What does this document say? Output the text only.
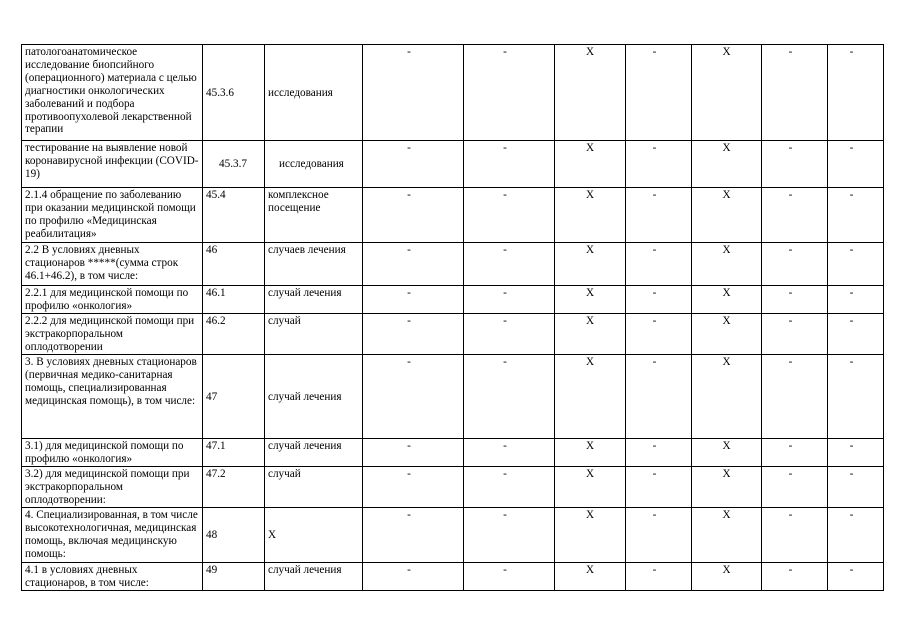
патологоанатомическое исследование биопсийного (операционного) материала с целью диагностики онкологических заболеваний и подбора противоопухолевой лекарственной терапии	45.3.6	исследования	-	-	Х	-	Х	-	-

тестирование на выявление новой коронавирусной инфекции (COVID-19)	45.3.7	исследования	-	-	Х	-	Х	-	-

2.1.4 обращение по заболеванию при оказании медицинской помощи по профилю «Медицинская реабилитация»	45.4	комплексное посещение	-	-	Х	-	Х	-	-

2.2 В условиях дневных стационаров *****(сумма строк 46.1+46.2), в том числе:	46	случаев лечения	-	-	Х	-	Х	-	-

2.2.1 для медицинской помощи по профилю «онкология»	46.1	случай лечения	-	-	Х	-	Х	-	-

2.2.2 для медицинской помощи при экстракорпоральном оплодотворении	46.2	случай	-	-	Х	-	Х	-	-

3. В условиях дневных стационаров (первичная медико-санитарная помощь, специализированная медицинская помощь), в том числе:	47	случай лечения	-	-	Х	-	Х	-	-

3.1) для медицинской помощи по профилю «онкология»	47.1	случай лечения	-	-	Х	-	Х	-	-

3.2) для медицинской помощи при экстракорпоральном оплодотворении:	47.2	случай	-	-	Х	-	Х	-	-

4. Специализированная, в том числе высокотехнологичная, медицинская помощь, включая медицинскую помощь:	48	Х	-	-	Х	-	Х	-	-

4.1 в условиях дневных стационаров, в том числе:	49	случай лечения	-	-	Х	-	Х	-	-
